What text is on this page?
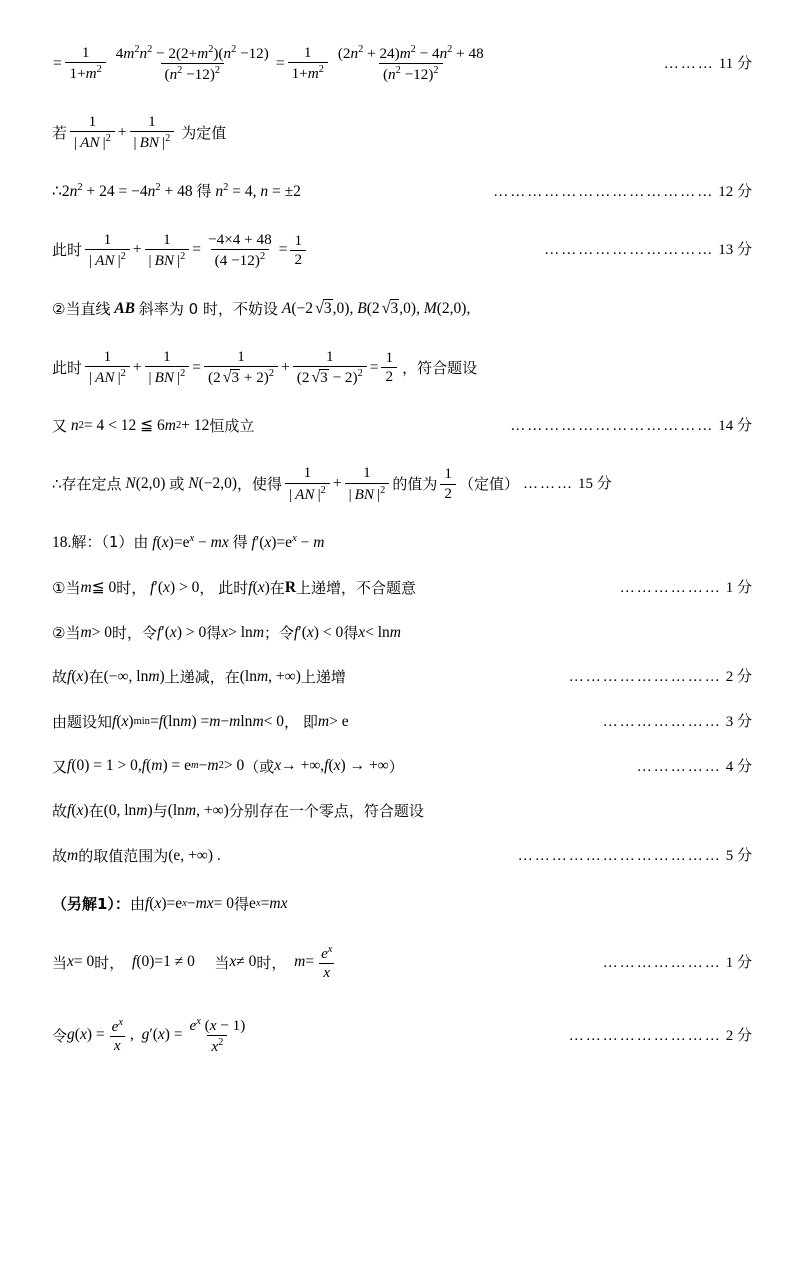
= $\frac{1}{1+m^2} \frac{4m^2n^2 - 2(2+m^2)(n^2 -12)}{(n^2 -12)^2} = \frac{1}{1+m^2} \frac{(2n^2 + 24)m^2 - 4n^2 + 48}{(n^2 -12)^2}$	……… 11 分
若 $\frac{1}{| AN |^2} + \frac{1}{| BN |^2}$ 为定值
$\therefore 2n^2 + 24 = -4n^2 + 48$ 得 $n^2 = 4$, n = ±2	………………………………… 12 分
此时 $\frac{1}{| AN |^2} + \frac{1}{| BN |^2} = \frac{-4\times 4 + 48}{(4 -12)^2} = \frac{1}{2}$	………………………… 13 分
②当直线
AB
斜率为 0 时，不妨设
A (−2 √3 ,0), B (2 √3 ,0), M (2,0),
此时 $\frac{1}{| AN |^2} + \frac{1}{| BN |^2} = \frac{1}{(2 √3 + 2)^2} + \frac{1}{(2 √3 - 2)^2} = \frac{1}{2}$ ，符合题设
又
n 2 = 4 < 12 ≦ 6 m 2 + 12 恒成立	……………………………… 14 分
∴存在定点
N (2,0) 或
N (−2,0) ，使得 $\frac{1}{| AN |^2} + \frac{1}{| BN |^2}$ 的值为 $\frac{1}{2}$ （定值） ……… 15 分
18.解：（1）由 $f(x)=e^x$ − mx 得 $f'(x)=e^x - m$
①当 m ≦ 0 时，
f ′( x ) > 0 ，
此时 f ( x ) 在 R 上递增，不合题意	……………… 1 分
②当 m > 0 时，令 f ′( x ) > 0 得 x > ln m ；令 f ′( x ) < 0 得 x < ln m
故 f ( x ) 在 (−∞, ln m ) 上递减，在 (ln m , +∞) 上递增	……………………… 2 分
由题设知 f ( x ) min = f (ln m ) = m − m ln m < 0 ，
即 m > e	………………… 3 分
又 f (0) = 1 > 0, f ( m ) = e m − m 2 > 0 （或 x → +∞, f ( x ) → +∞ ）	…………… 4 分
故 f ( x ) 在 (0, ln m ) 与 (ln m , +∞) 分别存在一个零点，符合题设
故 m 的取值范围为 (e, +∞) .	……………………………… 5 分
（另解1）： 由 f ( x )=e x − mx = 0 得 e x = mx
当 x = 0 时，
f (0)=1 ≠ 0 当 x ≠ 0 时，
$m = \frac{e^x}{x}$	………………… 1 分
令 g ( x ) = $\frac{e^x}{x}$ ,  $g'(x) = \frac{e^x (x - 1)}{x^2}$	……………………… 2 分
